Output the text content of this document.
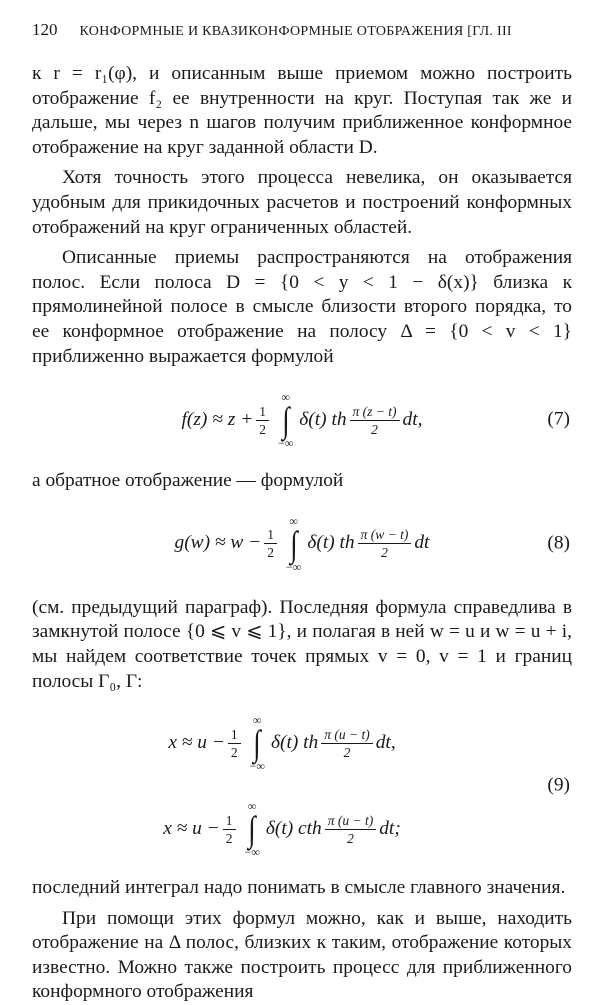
120 КОНФОРМНЫЕ И КВАЗИКОНФОРМНЫЕ ОТОБРАЖЕНИЯ [ГЛ. III

к r = r₁(φ), и описанным выше приемом можно построить отображение f₂ ее внутренности на круг. Поступая так же и дальше, мы через n шагов получим приближенное конформное отображение на круг заданной области D.

Хотя точность этого процесса невелика, он оказывается удобным для прикидочных расчетов и построений конформных отображений на круг ограниченных областей.

Описанные приемы распространяются на отображения полос. Если полоса D = {0 < y < 1 − δ(x)} близка к прямолинейной полосе в смысле близости второго порядка, то ее конформное отображение на полосу Δ = {0 < v < 1} приближенно выражается формулой

$f(z) \approx z + \frac{1}{2}$
∞
∫
−∞
δ(t) th $\frac{\pi (z - t)}{2}$ dt,	(7)

а обратное отображение — формулой

$g(w) \approx w - \frac{1}{2}$
∞
∫
−∞
δ(t) th $\frac{\pi (w - t)}{2}$ dt	(8)

(см. предыдущий параграф). Последняя формула справедлива в замкнутой полосе {0 ⩽ v ⩽ 1}, и полагая в ней w = u и w = u + i, мы найдем соответствие точек прямых v = 0, v = 1 и границ полосы Γ₀, Γ:

$x \approx u - \frac{1}{2}$
∞
∫
−∞
δ(t) th $\frac{\pi (u - t)}{2}$ dt,
$x \approx u - \frac{1}{2}$
∞
∫
−∞
δ(t) cth $\frac{\pi (u - t)}{2}$ dt;
(9)

последний интеграл надо понимать в смысле главного значения.

При помощи этих формул можно, как и выше, находить отображение на Δ полос, близких к таким, отображение которых известно. Можно также построить процесс для приближенного конформного отображения
